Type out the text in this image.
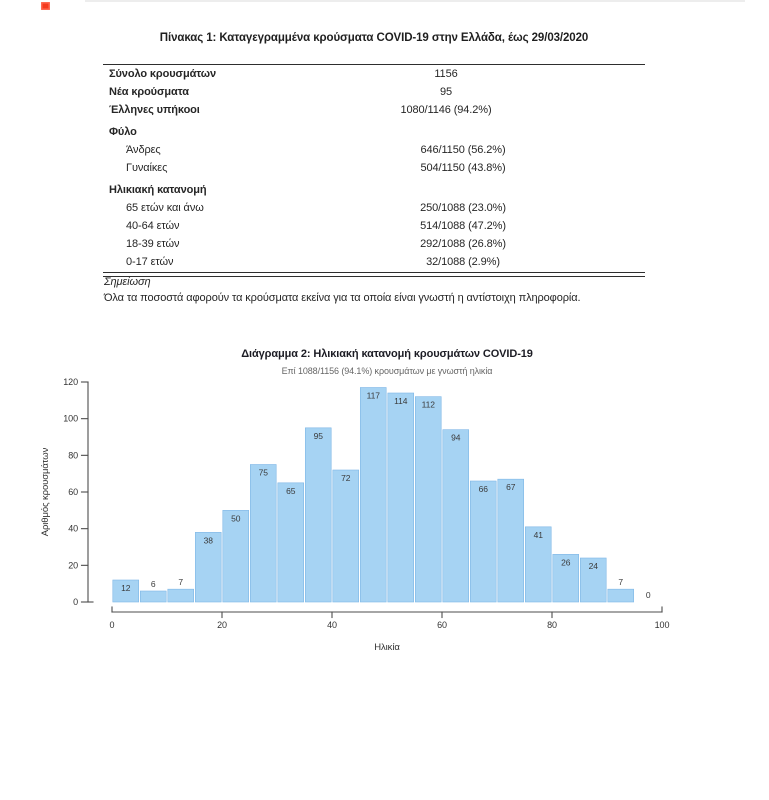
Πίνακας 1: Καταγεγραμμένα κρούσματα COVID-19 στην Ελλάδα, έως 29/03/2020
Σύνολο κρουσμάτων	1156
Νέα κρούσματα	95
Έλληνες υπήκοοι	1080/1146 (94.2%)
Φύλο
Άνδρες	646/1150 (56.2%)
Γυναίκες	504/1150 (43.8%)
Ηλικιακή κατανομή
65 ετών και άνω	250/1088 (23.0%)
40-64 ετών	514/1088 (47.2%)
18-39 ετών	292/1088 (26.8%)
0-17 ετών	32/1088 (2.9%)
Σημείωση
Όλα τα ποσοστά αφορούν τα κρούσματα εκείνα για τα οποία είναι γνωστή η αντίστοιχη πληροφορία.
Διάγραμμα 2: Ηλικιακή κατανομή κρουσμάτων COVID-19
Επί 1088/1156 (94.1%) κρουσμάτων με γνωστή ηλικία
12 6	7
38
50
75
65
95
72
117
114 112
94
66 67
41
26 24
7
0
0	20	40	60	80	100
0
20
40
60
80
100
120
Αριθμός κρουσμάτων
Ηλικία
